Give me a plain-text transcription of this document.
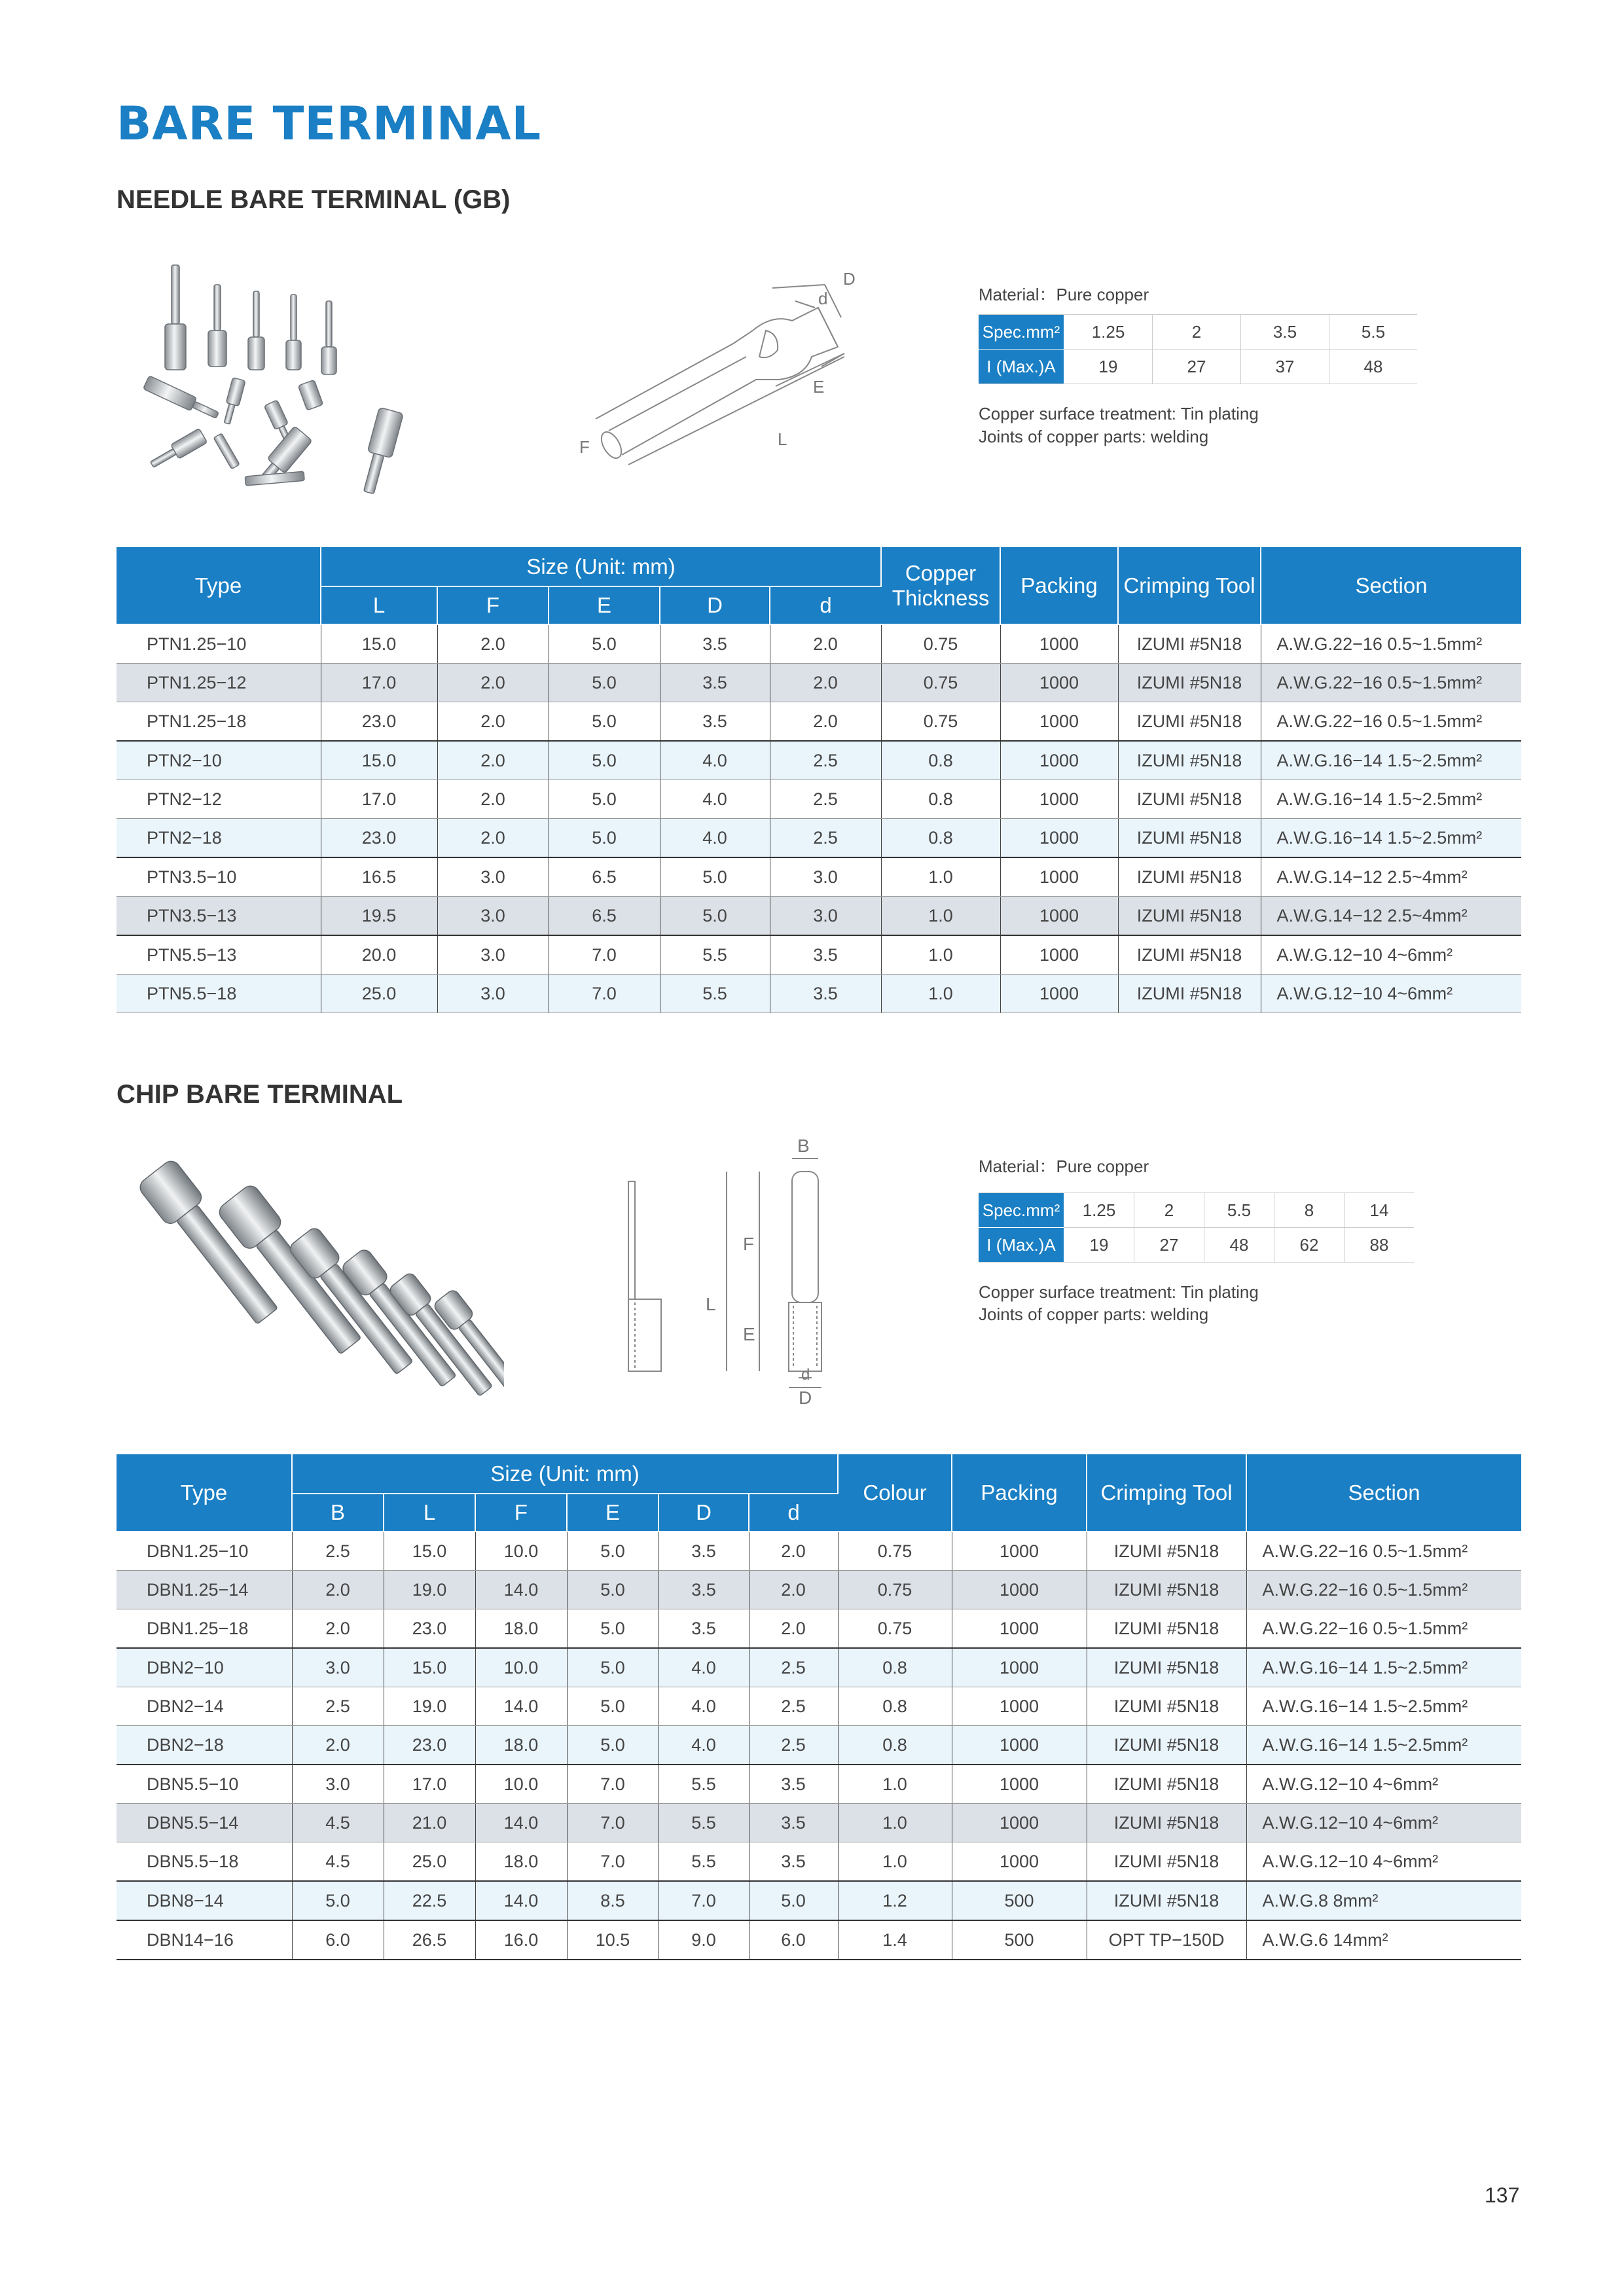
BARE TERMINAL
NEEDLE BARE TERMINAL (GB)
D
d
E
F	L
Material：Pure copper
Spec.mm²	1.25	2	3.5	5.5
I (Max.)A	19	27	37	48
Copper surface treatment: Tin plating
Joints of copper parts: welding
Type	Size (Unit: mm)					Copper Thickness	Packing	Crimping Tool	Section
	L	F	E	D	d				
PTN1.25−10	15.0	2.0	5.0	3.5	2.0	0.75	1000	IZUMI #5N18	A.W.G.22−16 0.5~1.5mm²
PTN1.25−12	17.0	2.0	5.0	3.5	2.0	0.75	1000	IZUMI #5N18	A.W.G.22−16 0.5~1.5mm²
PTN1.25−18	23.0	2.0	5.0	3.5	2.0	0.75	1000	IZUMI #5N18	A.W.G.22−16 0.5~1.5mm²
PTN2−10	15.0	2.0	5.0	4.0	2.5	0.8	1000	IZUMI #5N18	A.W.G.16−14 1.5~2.5mm²
PTN2−12	17.0	2.0	5.0	4.0	2.5	0.8	1000	IZUMI #5N18	A.W.G.16−14 1.5~2.5mm²
PTN2−18	23.0	2.0	5.0	4.0	2.5	0.8	1000	IZUMI #5N18	A.W.G.16−14 1.5~2.5mm²
PTN3.5−10	16.5	3.0	6.5	5.0	3.0	1.0	1000	IZUMI #5N18	A.W.G.14−12 2.5~4mm²
PTN3.5−13	19.5	3.0	6.5	5.0	3.0	1.0	1000	IZUMI #5N18	A.W.G.14−12 2.5~4mm²
PTN5.5−13	20.0	3.0	7.0	5.5	3.5	1.0	1000	IZUMI #5N18	A.W.G.12−10 4~6mm²
PTN5.5−18	25.0	3.0	7.0	5.5	3.5	1.0	1000	IZUMI #5N18	A.W.G.12−10 4~6mm²
CHIP BARE TERMINAL
B
F
L
E
d
D
Material：Pure copper
Spec.mm²	1.25	2	5.5	8	14
I (Max.)A	19	27	48	62	88
Copper surface treatment: Tin plating
Joints of copper parts: welding
Type	Size (Unit: mm)						Colour	Packing	Crimping Tool	Section
	B	L	F	E	D	d				
DBN1.25−10	2.5	15.0	10.0	5.0	3.5	2.0	0.75	1000	IZUMI #5N18	A.W.G.22−16 0.5~1.5mm²
DBN1.25−14	2.0	19.0	14.0	5.0	3.5	2.0	0.75	1000	IZUMI #5N18	A.W.G.22−16 0.5~1.5mm²
DBN1.25−18	2.0	23.0	18.0	5.0	3.5	2.0	0.75	1000	IZUMI #5N18	A.W.G.22−16 0.5~1.5mm²
DBN2−10	3.0	15.0	10.0	5.0	4.0	2.5	0.8	1000	IZUMI #5N18	A.W.G.16−14 1.5~2.5mm²
DBN2−14	2.5	19.0	14.0	5.0	4.0	2.5	0.8	1000	IZUMI #5N18	A.W.G.16−14 1.5~2.5mm²
DBN2−18	2.0	23.0	18.0	5.0	4.0	2.5	0.8	1000	IZUMI #5N18	A.W.G.16−14 1.5~2.5mm²
DBN5.5−10	3.0	17.0	10.0	7.0	5.5	3.5	1.0	1000	IZUMI #5N18	A.W.G.12−10 4~6mm²
DBN5.5−14	4.5	21.0	14.0	7.0	5.5	3.5	1.0	1000	IZUMI #5N18	A.W.G.12−10 4~6mm²
DBN5.5−18	4.5	25.0	18.0	7.0	5.5	3.5	1.0	1000	IZUMI #5N18	A.W.G.12−10 4~6mm²
DBN8−14	5.0	22.5	14.0	8.5	7.0	5.0	1.2	500	IZUMI #5N18	A.W.G.8 8mm²
DBN14−16	6.0	26.5	16.0	10.5	9.0	6.0	1.4	500	OPT TP−150D	A.W.G.6 14mm²
137
